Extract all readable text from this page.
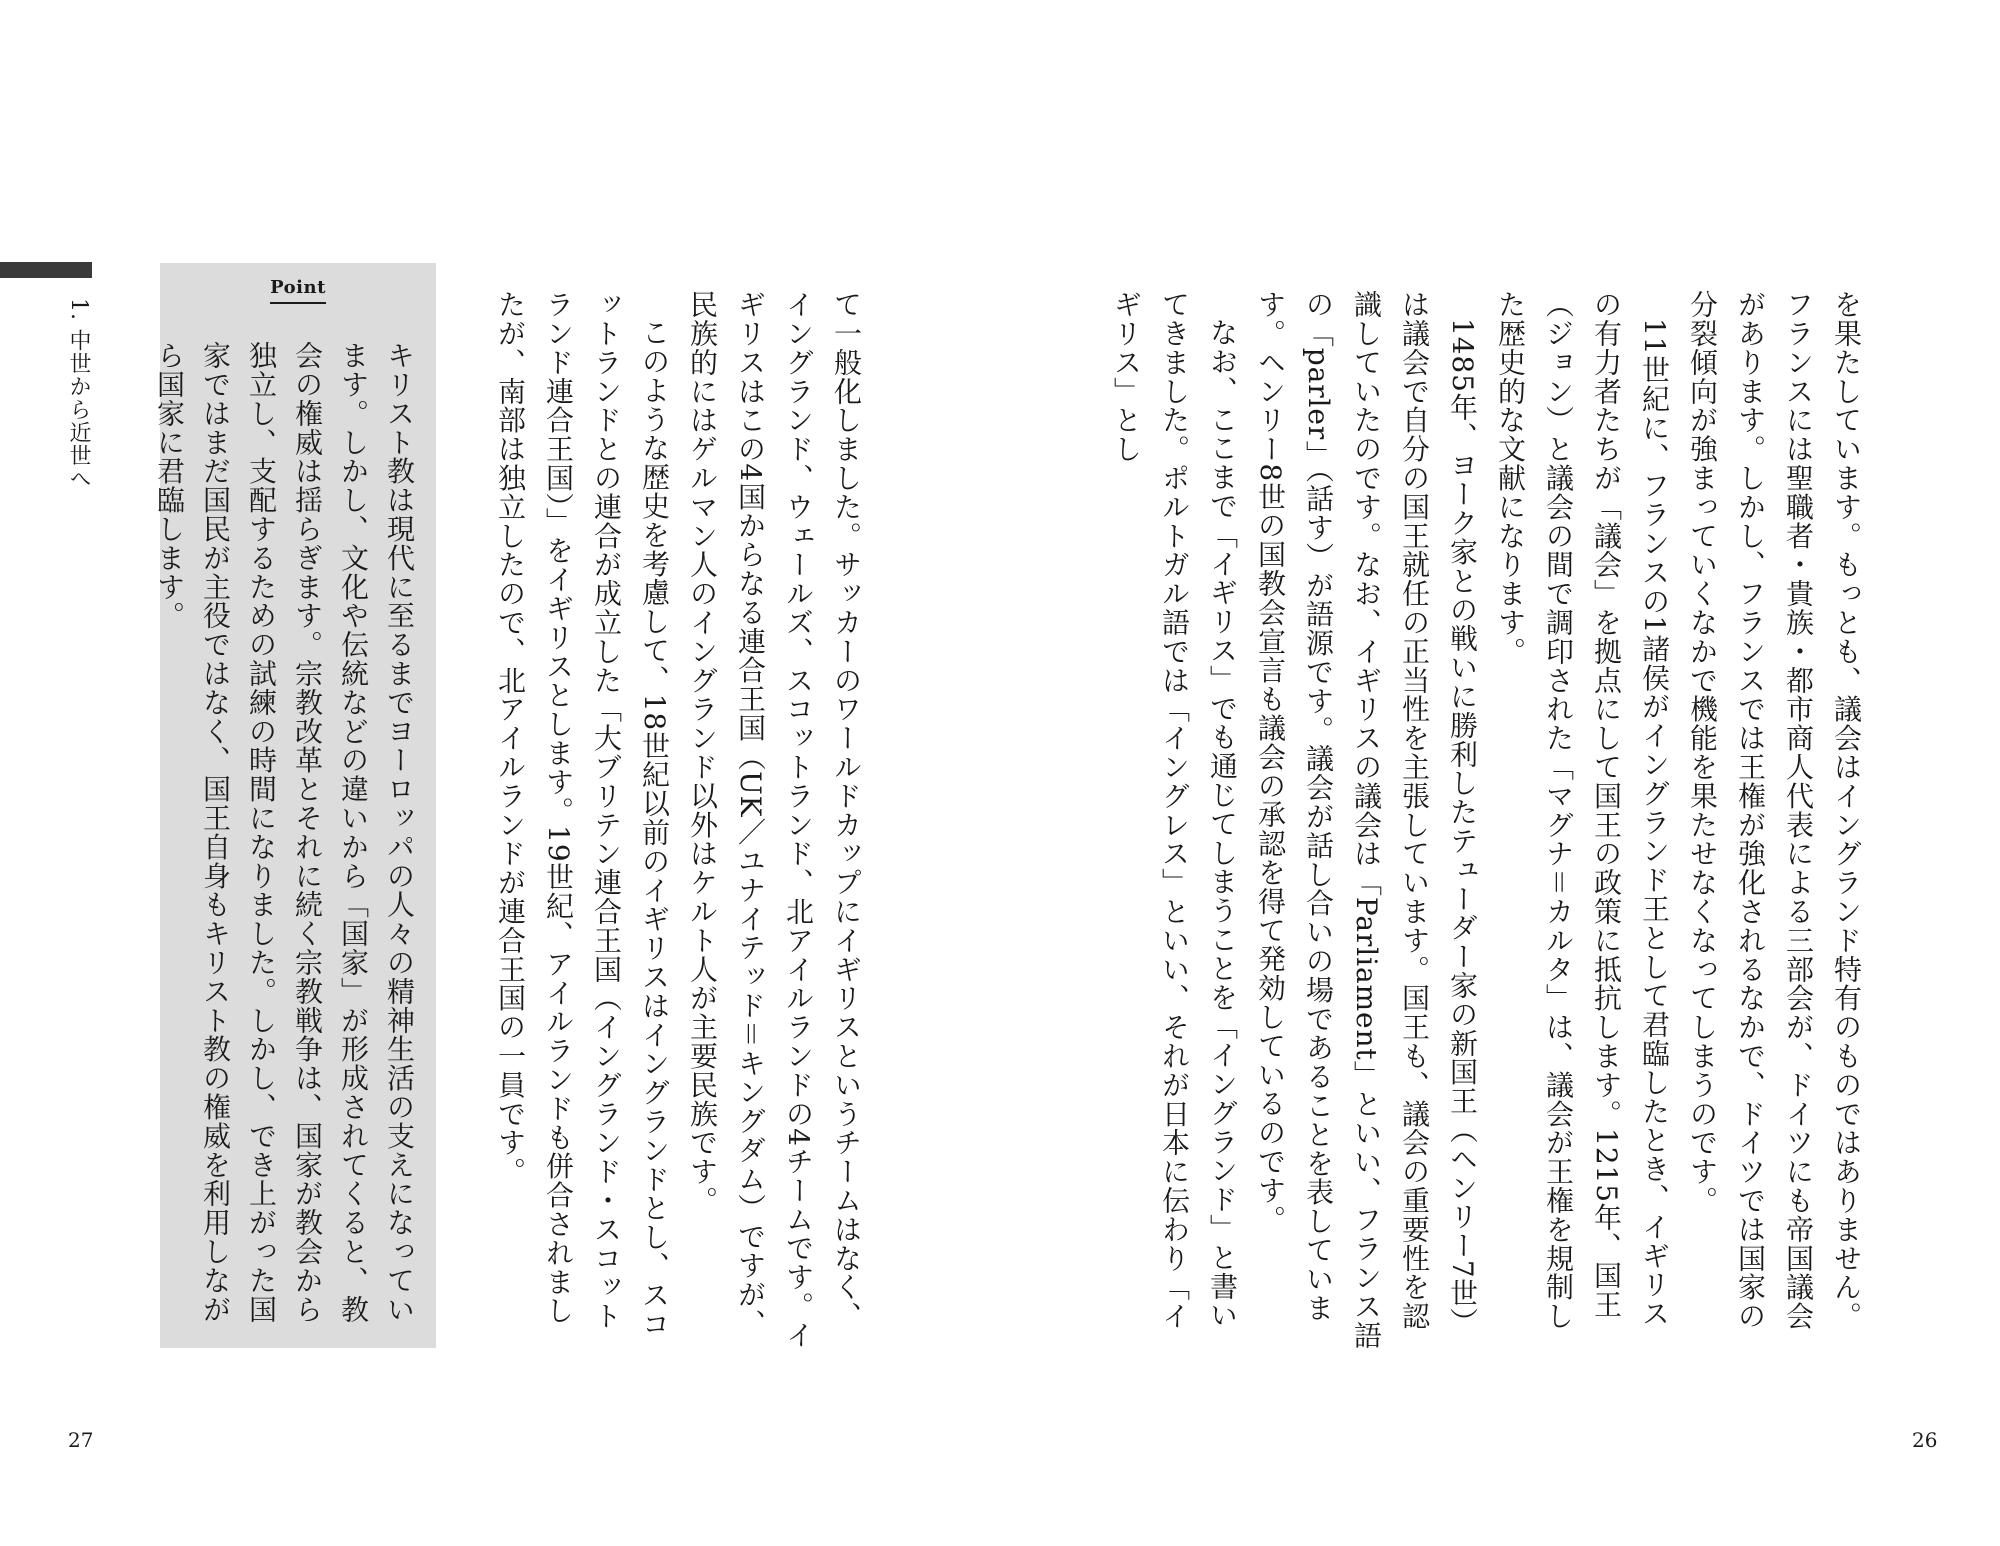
1. 中世から近世へ
Point
キリスト教は現代に至るまでヨーロッパの人々の精神生活の支えになっています。しかし、文化や伝統などの違いから「国家」が形成されてくると、教会の権威は揺らぎます。宗教改革とそれに続く宗教戦争は、国家が教会から独立し、支配するための試練の時間になりました。しかし、でき上がった国家ではまだ国民が主役ではなく、国王自身もキリスト教の権威を利用しながら国家に君臨します。	て一般化しました。サッカーのワールドカップにイギリスというチームはなく、イングランド、ウェールズ、スコットランド、北アイルランドの4チームです。イギリスはこの4国からなる連合王国（UK／ユナイテッド＝キングダム）ですが、民族的にはゲルマン人のイングランド以外はケルト人が主要民族です。

このような歴史を考慮して、18世紀以前のイギリスはイングランドとし、スコットランドとの連合が成立した「大ブリテン連合王国（イングランド・スコットランド連合王国）」をイギリスとします。19世紀、アイルランドも併合されましたが、南部は独立したので、北アイルランドが連合王国の一員です。	を果たしています。もっとも、議会はイングランド特有のものではありません。フランスには聖職者・貴族・都市商人代表による三部会が、ドイツにも帝国議会があります。しかし、フランスでは王権が強化されるなかで、ドイツでは国家の分裂傾向が強まっていくなかで機能を果たせなくなってしまうのです。

11世紀に、フランスの1諸侯がイングランド王として君臨したとき、イギリスの有力者たちが「議会」を拠点にして国王の政策に抵抗します。1215年、国王（ジョン）と議会の間で調印された「マグナ＝カルタ」は、議会が王権を規制した歴史的な文献になります。

1485年、ヨーク家との戦いに勝利したテューダー家の新国王（ヘンリー7世）は議会で自分の国王就任の正当性を主張しています。国王も、議会の重要性を認識していたのです。なお、イギリスの議会は「Parliament」といい、フランス語の「parler」（話す）が語源です。議会が話し合いの場であることを表しています。ヘンリー8世の国教会宣言も議会の承認を得て発効しているのです。

なお、ここまで「イギリス」でも通じてしまうことを「イングランド」と書いてきました。ポルトガル語では「イングレス」といい、それが日本に伝わり「イギリス」とし

27	26
